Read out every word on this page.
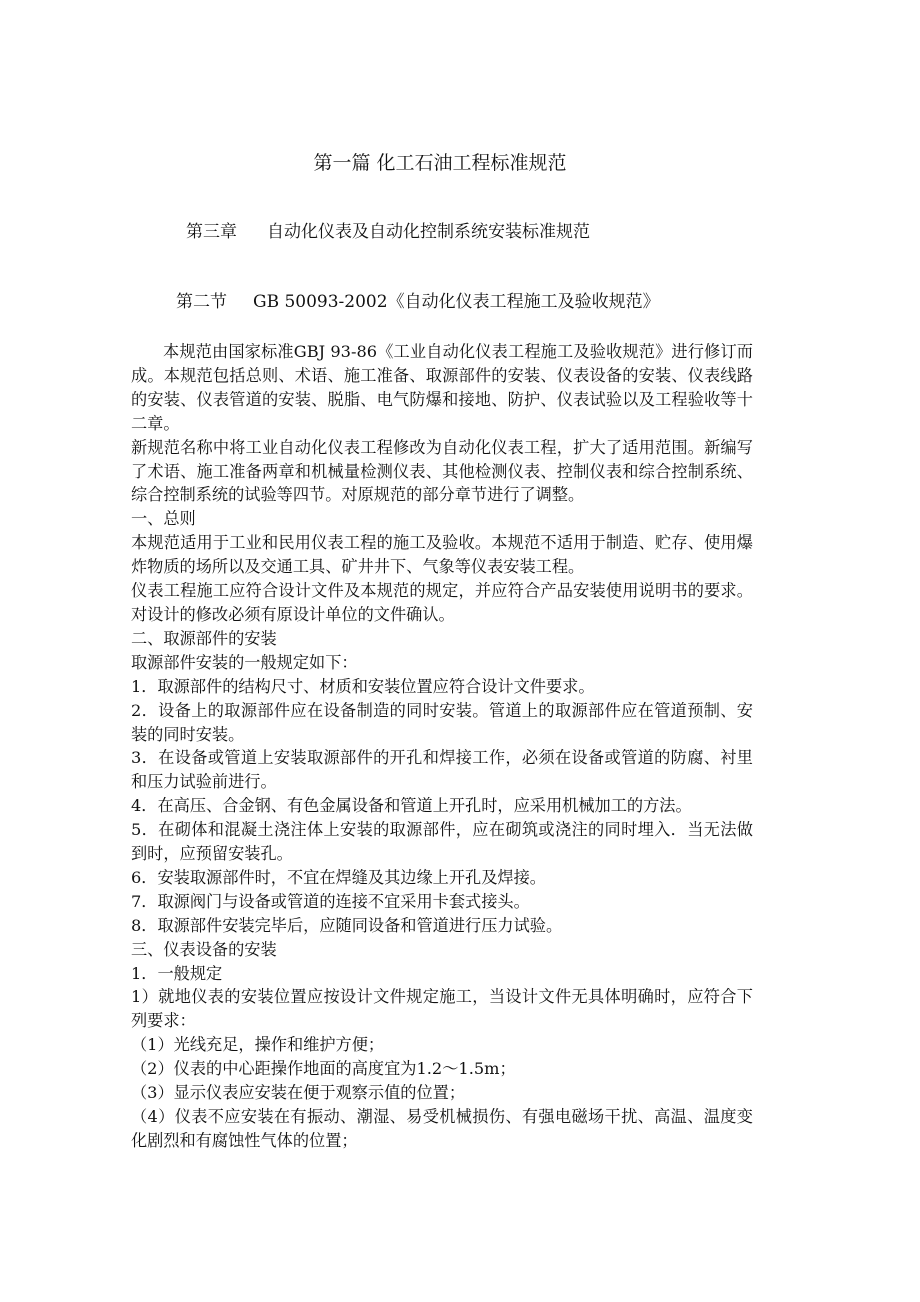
第一篇 化工石油工程标准规范
第三章 自动化仪表及自动化控制系统安装标准规范
第二节 GB 50093-2002《自动化仪表工程施工及验收规范》

本规范由国家标准GBJ 93-86《工业自动化仪表工程施工及验收规范》进行修订而成。本规范包括总则、术语、施工准备、取源部件的安装、仪表设备的安装、仪表线路的安装、仪表管道的安装、脱脂、电气防爆和接地、防护、仪表试验以及工程验收等十二章。

新规范名称中将工业自动化仪表工程修改为自动化仪表工程，扩大了适用范围。新编写了术语、施工准备两章和机械量检测仪表、其他检测仪表、控制仪表和综合控制系统、综合控制系统的试验等四节。对原规范的部分章节进行了调整。

一、总则

本规范适用于工业和民用仪表工程的施工及验收。本规范不适用于制造、贮存、使用爆炸物质的场所以及交通工具、矿井井下、气象等仪表安装工程。

仪表工程施工应符合设计文件及本规范的规定，并应符合产品安装使用说明书的要求。对设计的修改必须有原设计单位的文件确认。

二、取源部件的安装

取源部件安装的一般规定如下：

1．取源部件的结构尺寸、材质和安装位置应符合设计文件要求。

2．设备上的取源部件应在设备制造的同时安装。管道上的取源部件应在管道预制、安装的同时安装。

3．在设备或管道上安装取源部件的开孔和焊接工作，必须在设备或管道的防腐、衬里和压力试验前进行。

4．在高压、合金钢、有色金属设备和管道上开孔时，应采用机械加工的方法。

5．在砌体和混凝土浇注体上安装的取源部件，应在砌筑或浇注的同时埋入．当无法做到时，应预留安装孔。

6．安装取源部件时，不宜在焊缝及其边缘上开孔及焊接。

7．取源阀门与设备或管道的连接不宜采用卡套式接头。

8．取源部件安装完毕后，应随同设备和管道进行压力试验。

三、仪表设备的安装

1．一般规定

1）就地仪表的安装位置应按设计文件规定施工，当设计文件无具体明确时，应符合下列要求：

（1）光线充足，操作和维护方便；

（2）仪表的中心距操作地面的高度宜为1.2～1.5m；

（3）显示仪表应安装在便于观察示值的位置；

（4）仪表不应安装在有振动、潮湿、易受机械损伤、有强电磁场干扰、高温、温度变化剧烈和有腐蚀性气体的位置；
